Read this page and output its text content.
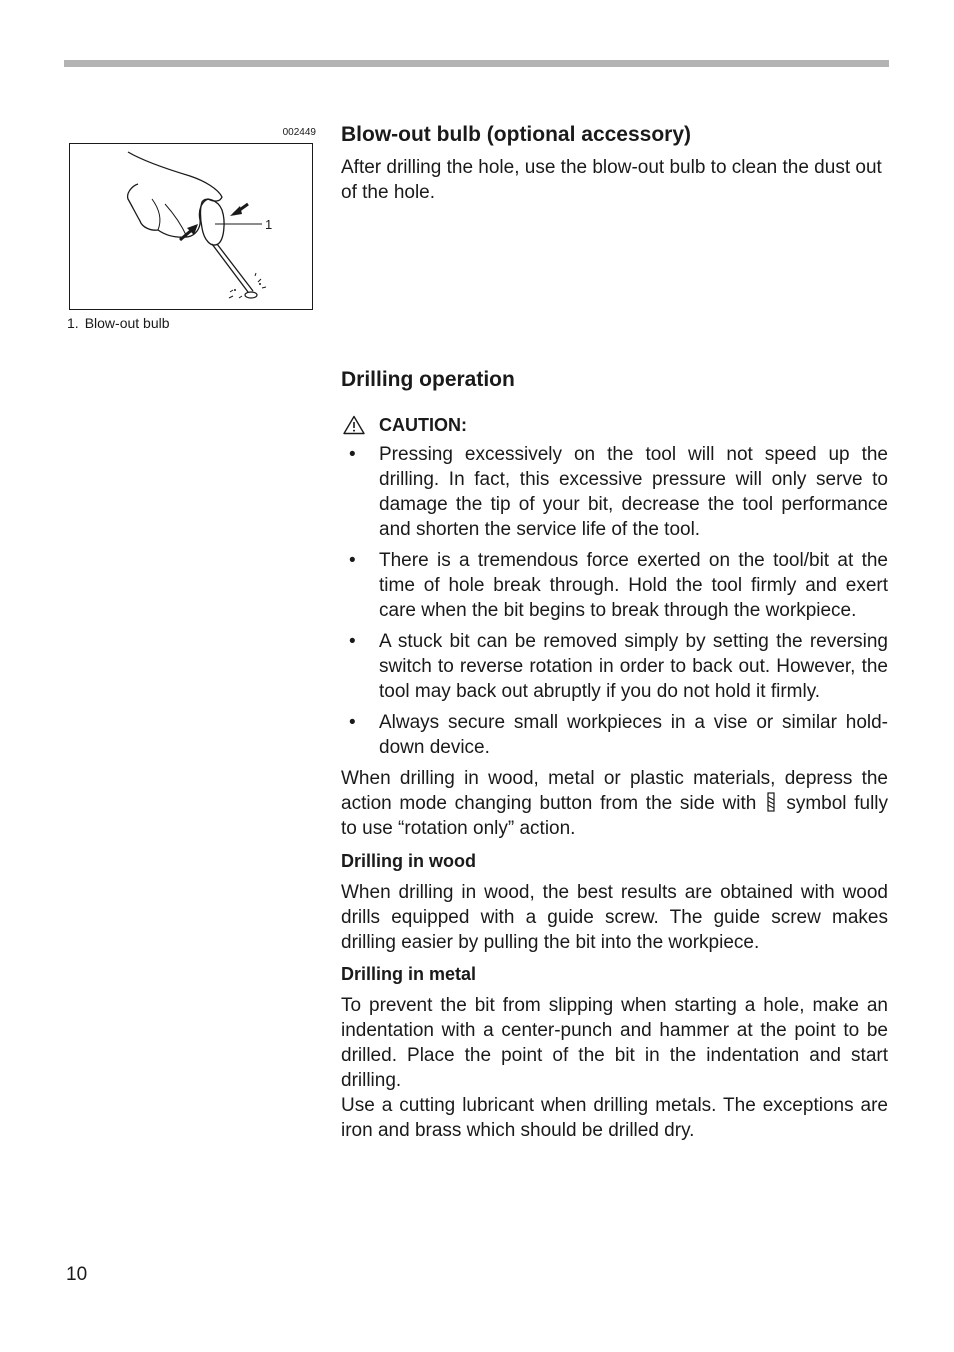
002449
1
1. Blow-out bulb
Blow-out bulb (optional accessory)

After drilling the hole, use the blow-out bulb to clean the dust out of the hole.

Drilling operation
CAUTION:
• Pressing excessively on the tool will not speed up the drilling. In fact, this excessive pressure will only serve to damage the tip of your bit, decrease the tool performance and shorten the service life of the tool.
• There is a tremendous force exerted on the tool/bit at the time of hole break through. Hold the tool firmly and exert care when the bit begins to break through the workpiece.
• A stuck bit can be removed simply by setting the reversing switch to reverse rotation in order to back out. However, the tool may back out abruptly if you do not hold it firmly.
• Always secure small workpieces in a vise or similar hold-down device.

When drilling in wood, metal or plastic materials, depress the action mode changing button from the side with symbol fully to use “rotation only” action.

Drilling in wood

When drilling in wood, the best results are obtained with wood drills equipped with a guide screw. The guide screw makes drilling easier by pulling the bit into the workpiece.

Drilling in metal

To prevent the bit from slipping when starting a hole, make an indentation with a center-punch and hammer at the point to be drilled. Place the point of the bit in the indentation and start drilling.

Use a cutting lubricant when drilling metals. The exceptions are iron and brass which should be drilled dry.

10
